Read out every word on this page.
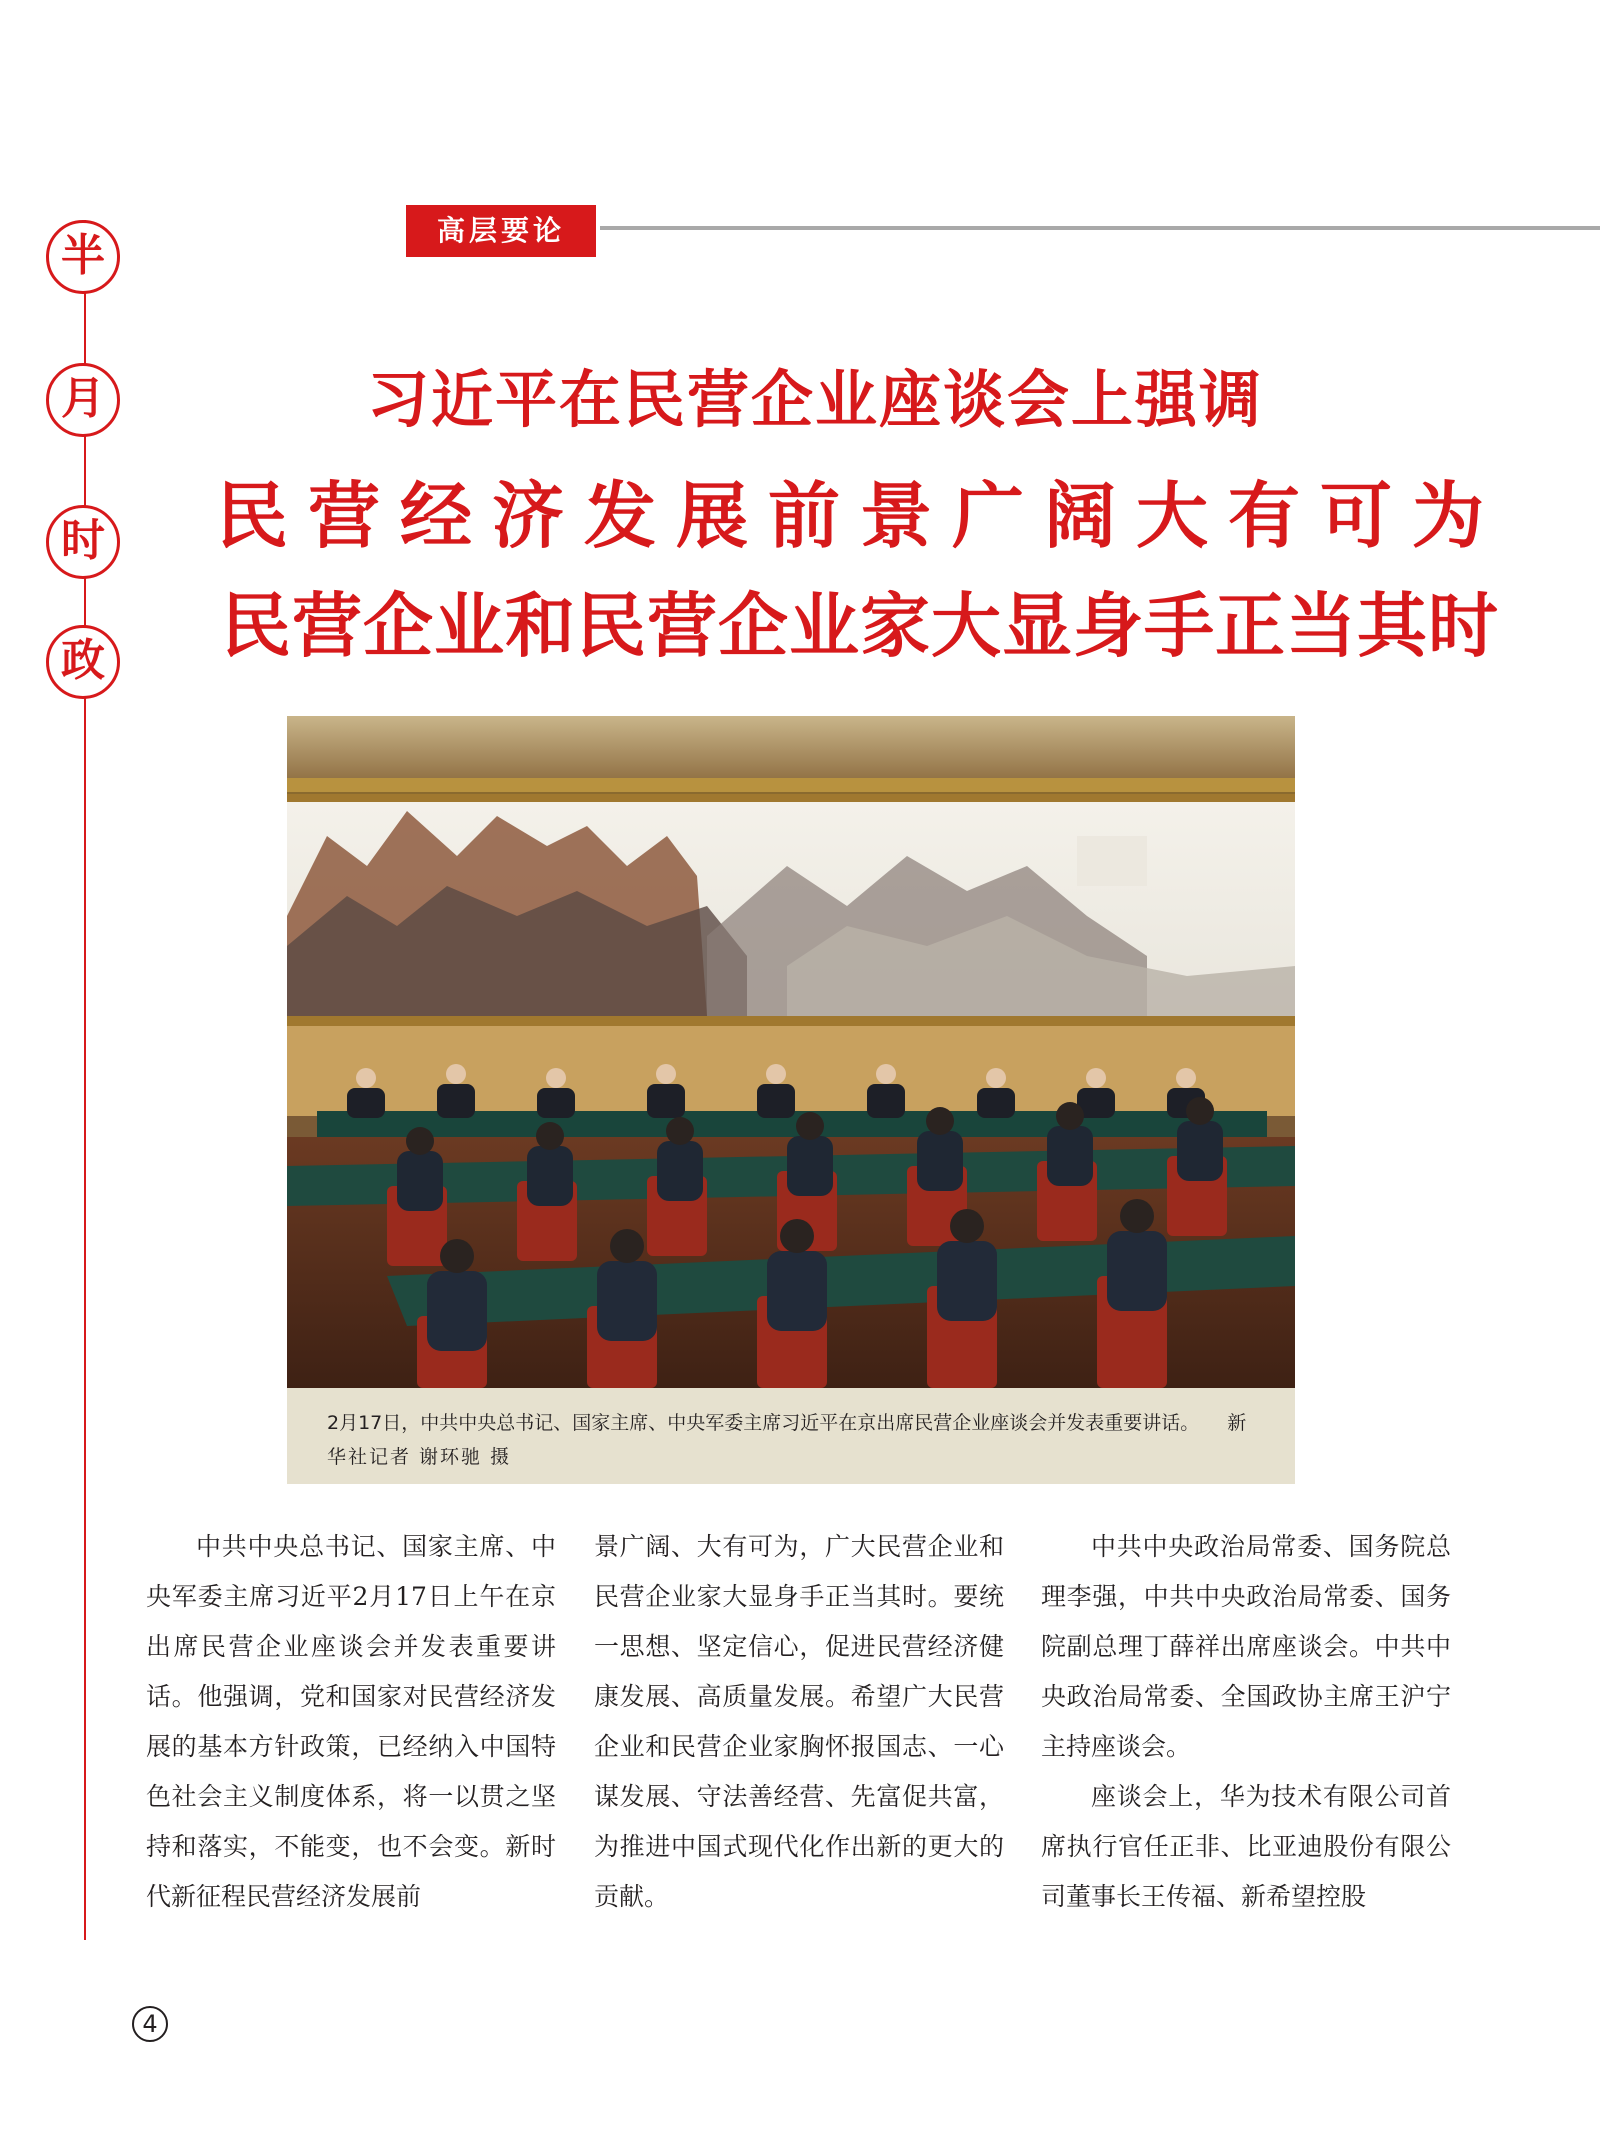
半
月
时
政
高层要论
习近平在民营企业座谈会上强调
民营经济发展前景广阔大有可为
民营企业和民营企业家大显身手正当其时
2月17日，中共中央总书记、国家主席、中央军委主席习近平在京出席民营企业座谈会并发表重要讲话。 新华社记者 谢环驰 摄

中共中央总书记、国家主席、中央军委主席习近平2月17日上午在京出席民营企业座谈会并发表重要讲话。他强调，党和国家对民营经济发展的基本方针政策，已经纳入中国特色社会主义制度体系，将一以贯之坚持和落实，不能变，也不会变。新时代新征程民营经济发展前

景广阔、大有可为，广大民营企业和民营企业家大显身手正当其时。要统一思想、坚定信心，促进民营经济健康发展、高质量发展。希望广大民营企业和民营企业家胸怀报国志、一心谋发展、守法善经营、先富促共富，为推进中国式现代化作出新的更大的贡献。

中共中央政治局常委、国务院总理李强，中共中央政治局常委、国务院副总理丁薛祥出席座谈会。中共中央政治局常委、全国政协主席王沪宁主持座谈会。

座谈会上，华为技术有限公司首席执行官任正非、比亚迪股份有限公司董事长王传福、新希望控股

4
